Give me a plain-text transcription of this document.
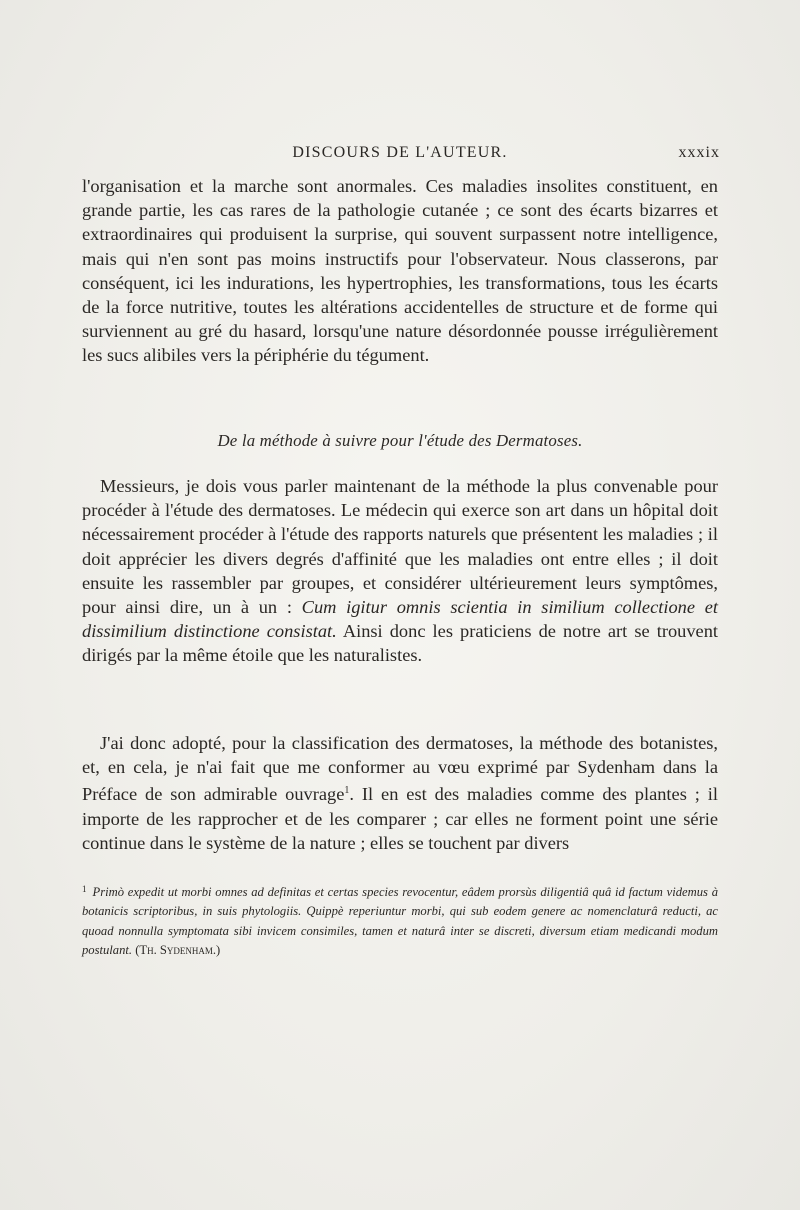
DISCOURS DE L'AUTEUR.	xxxix

l'organisation et la marche sont anormales. Ces maladies insolites constituent, en grande partie, les cas rares de la pathologie cutanée ; ce sont des écarts bizarres et extraordinaires qui produisent la surprise, qui souvent surpassent notre intelligence, mais qui n'en sont pas moins instructifs pour l'observateur. Nous classerons, par conséquent, ici les indurations, les hypertrophies, les transformations, tous les écarts de la force nutritive, toutes les altérations accidentelles de structure et de forme qui surviennent au gré du hasard, lorsqu'une nature désordonnée pousse irrégulièrement les sucs alibiles vers la périphérie du tégument.

De la méthode à suivre pour l'étude des Dermatoses.

Messieurs, je dois vous parler maintenant de la méthode la plus convenable pour procéder à l'étude des dermatoses. Le médecin qui exerce son art dans un hôpital doit nécessairement procéder à l'étude des rapports naturels que présentent les maladies ; il doit apprécier les divers degrés d'affinité que les maladies ont entre elles ; il doit ensuite les rassembler par groupes, et considérer ultérieurement leurs symptômes, pour ainsi dire, un à un : Cum igitur omnis scientia in similium collectione et dissimilium distinctione consistat. Ainsi donc les praticiens de notre art se trouvent dirigés par la même étoile que les naturalistes.

J'ai donc adopté, pour la classification des dermatoses, la méthode des botanistes, et, en cela, je n'ai fait que me conformer au vœu exprimé par Sydenham dans la Préface de son admirable ouvrage$^1$. Il en est des maladies comme des plantes ; il importe de les rapprocher et de les comparer ; car elles ne forment point une série continue dans le système de la nature ; elles se touchent par divers

$^1$ Primò expedit ut morbi omnes ad definitas et certas species revocentur, eâdem prorsùs diligentiâ quâ id factum videmus à botanicis scriptoribus, in suis phytologiis. Quippè reperiuntur morbi, qui sub eodem genere ac nomenclaturâ reducti, ac quoad nonnulla symptomata sibi invicem consimiles, tamen et naturâ inter se discreti, diversum etiam medicandi modum postulant. (Th. Sydenham.)
